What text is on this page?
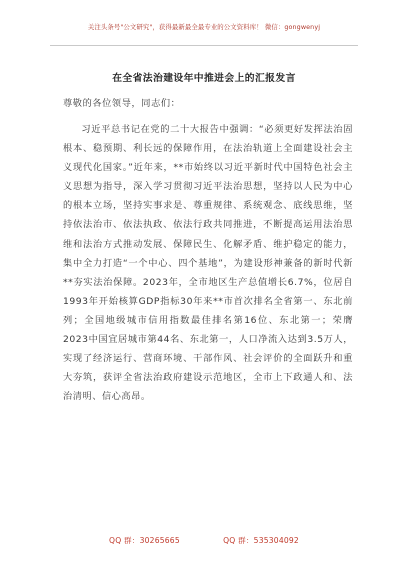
关注头条号"公文研究"，获得最新最全最专业的公文资料库！ 微信：gongwenyj
在全省法治建设年中推进会上的汇报发言
尊敬的各位领导，同志们：
习近平总书记在党的二十大报告中强调：“必须更好发挥法治固根本、稳预期、利长远的保障作用，在法治轨道上全面建设社会主义现代化国家。”近年来，**市始终以习近平新时代中国特色社会主义思想为指导，深入学习贯彻习近平法治思想，坚持以人民为中心的根本立场，坚持实事求是、尊重规律、系统观念、底线思维，坚持依法治市、依法执政、依法行政共同推进，不断提高运用法治思维和法治方式推动发展、保障民生、化解矛盾、维护稳定的能力，集中全力打造“一个中心、四个基地”，为建设形神兼备的新时代新**夯实法治保障。2023年，全市地区生产总值增长6.7%，位居自1993年开始核算GDP指标30年来**市首次排名全省第一、东北前列；全国地级城市信用指数最佳排名第16位、东北第一；荣膺2023中国宜居城市第44名、东北第一，人口净流入达到3.5万人，实现了经济运行、营商环境、干部作风、社会评价的全面跃升和重大夯筑，获评全省法治政府建设示范地区，全市上下政通人和、法治清明、信心高昂。
QQ 群：30265665	QQ 群：535304092
